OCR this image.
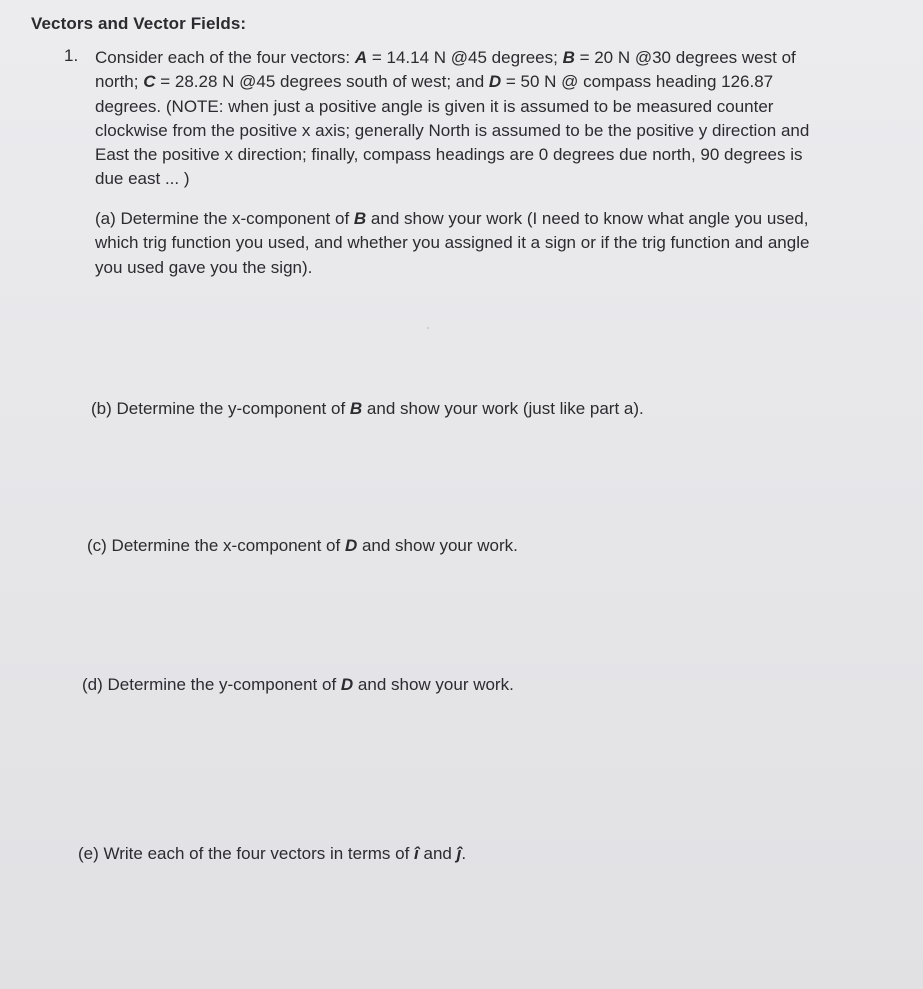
Vectors and Vector Fields:
1. Consider each of the four vectors: A = 14.14 N @45 degrees; B = 20 N @30 degrees west of
north; C = 28.28 N @45 degrees south of west; and D = 50 N @ compass heading 126.87
degrees. (NOTE: when just a positive angle is given it is assumed to be measured counter
clockwise from the positive x axis; generally North is assumed to be the positive y direction and
East the positive x direction; finally, compass headings are 0 degrees due north, 90 degrees is
due east ... )
(a) Determine the x-component of B and show your work (I need to know what angle you used,
which trig function you used, and whether you assigned it a sign or if the trig function and angle
you used gave you the sign).
(b) Determine the y-component of B and show your work (just like part a).
(c) Determine the x-component of D and show your work.
(d) Determine the y-component of D and show your work.
(e) Write each of the four vectors in terms of î and ĵ.
